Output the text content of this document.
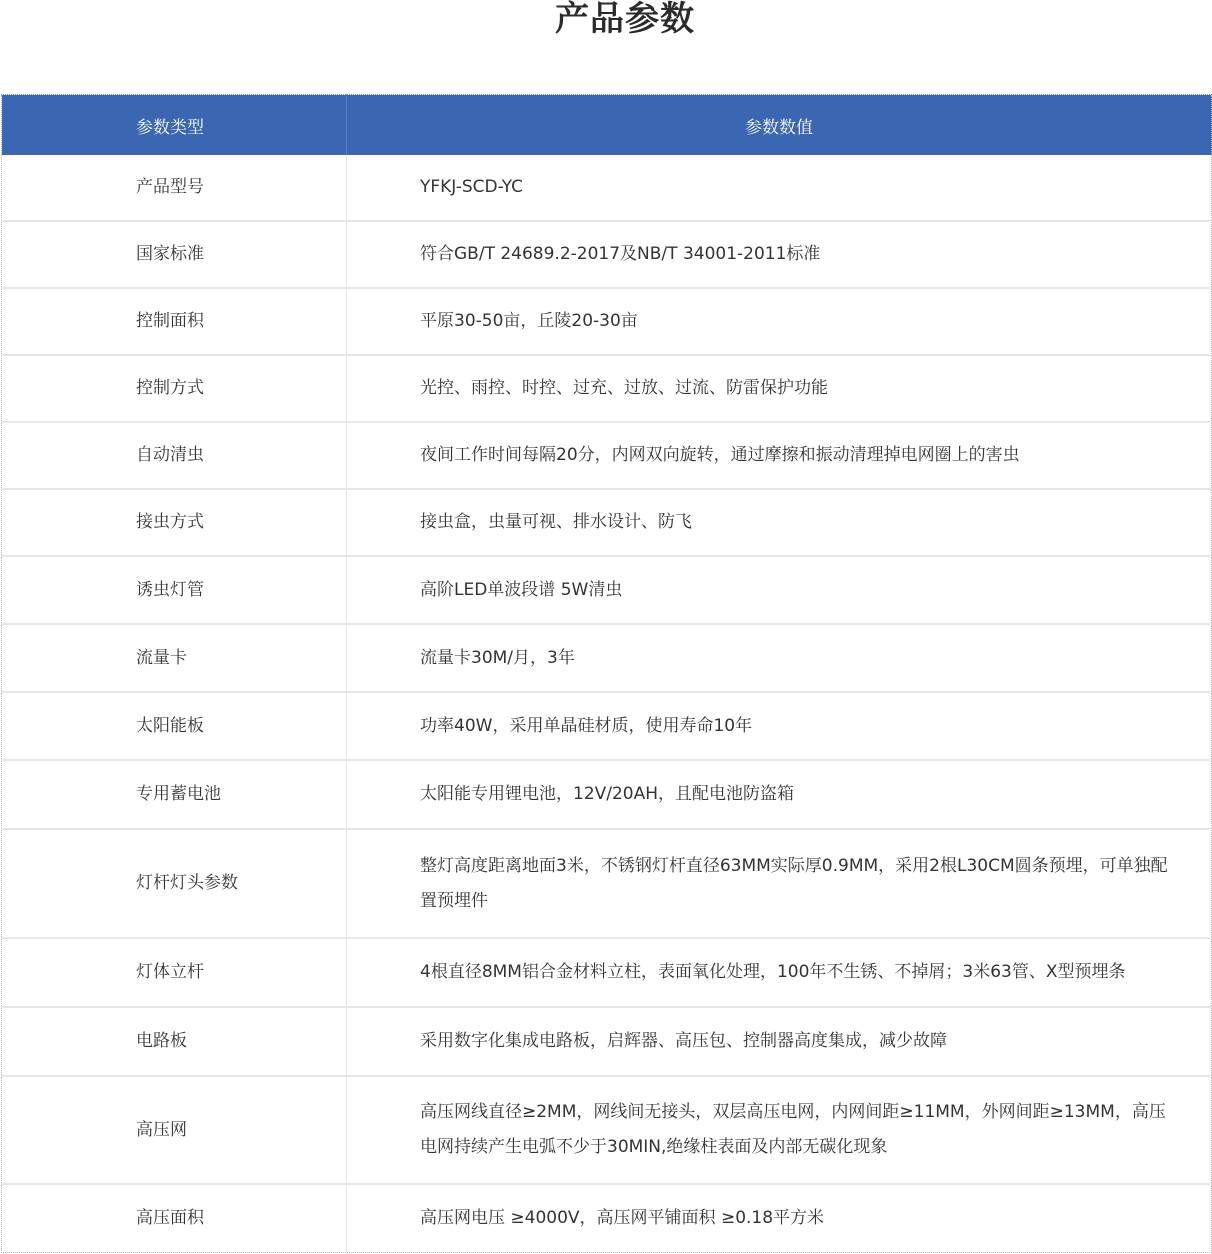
产品参数
参数类型	参数数值
产品型号	YFKJ-SCD-YC
国家标准	符合GB/T 24689.2-2017及NB/T 34001-2011标准
控制面积	平原30-50亩，丘陵20-30亩
控制方式	光控、雨控、时控、过充、过放、过流、防雷保护功能
自动清虫	夜间工作时间每隔20分，内网双向旋转，通过摩擦和振动清理掉电网圈上的害虫
接虫方式	接虫盒，虫量可视、排水设计、防飞
诱虫灯管	高阶LED单波段谱 5W清虫
流量卡	流量卡30M/月，3年
太阳能板	功率40W，采用单晶硅材质，使用寿命10年
专用蓄电池	太阳能专用锂电池，12V/20AH，且配电池防盗箱
灯杆灯头参数	整灯高度距离地面3米，不锈钢灯杆直径63MM实际厚0.9MM，采用2根L30CM圆条预埋，可单独配置预埋件
灯体立杆	4根直径8MM铝合金材料立柱，表面氧化处理，100年不生锈、不掉屑；3米63管、X型预埋条
电路板	采用数字化集成电路板，启辉器、高压包、控制器高度集成，减少故障
高压网	高压网线直径≥2MM，网线间无接头，双层高压电网，内网间距≥11MM，外网间距≥13MM，高压电网持续产生电弧不少于30MIN,绝缘柱表面及内部无碳化现象
高压面积	高压网电压 ≥4000V，高压网平铺面积 ≥0.18平方米
